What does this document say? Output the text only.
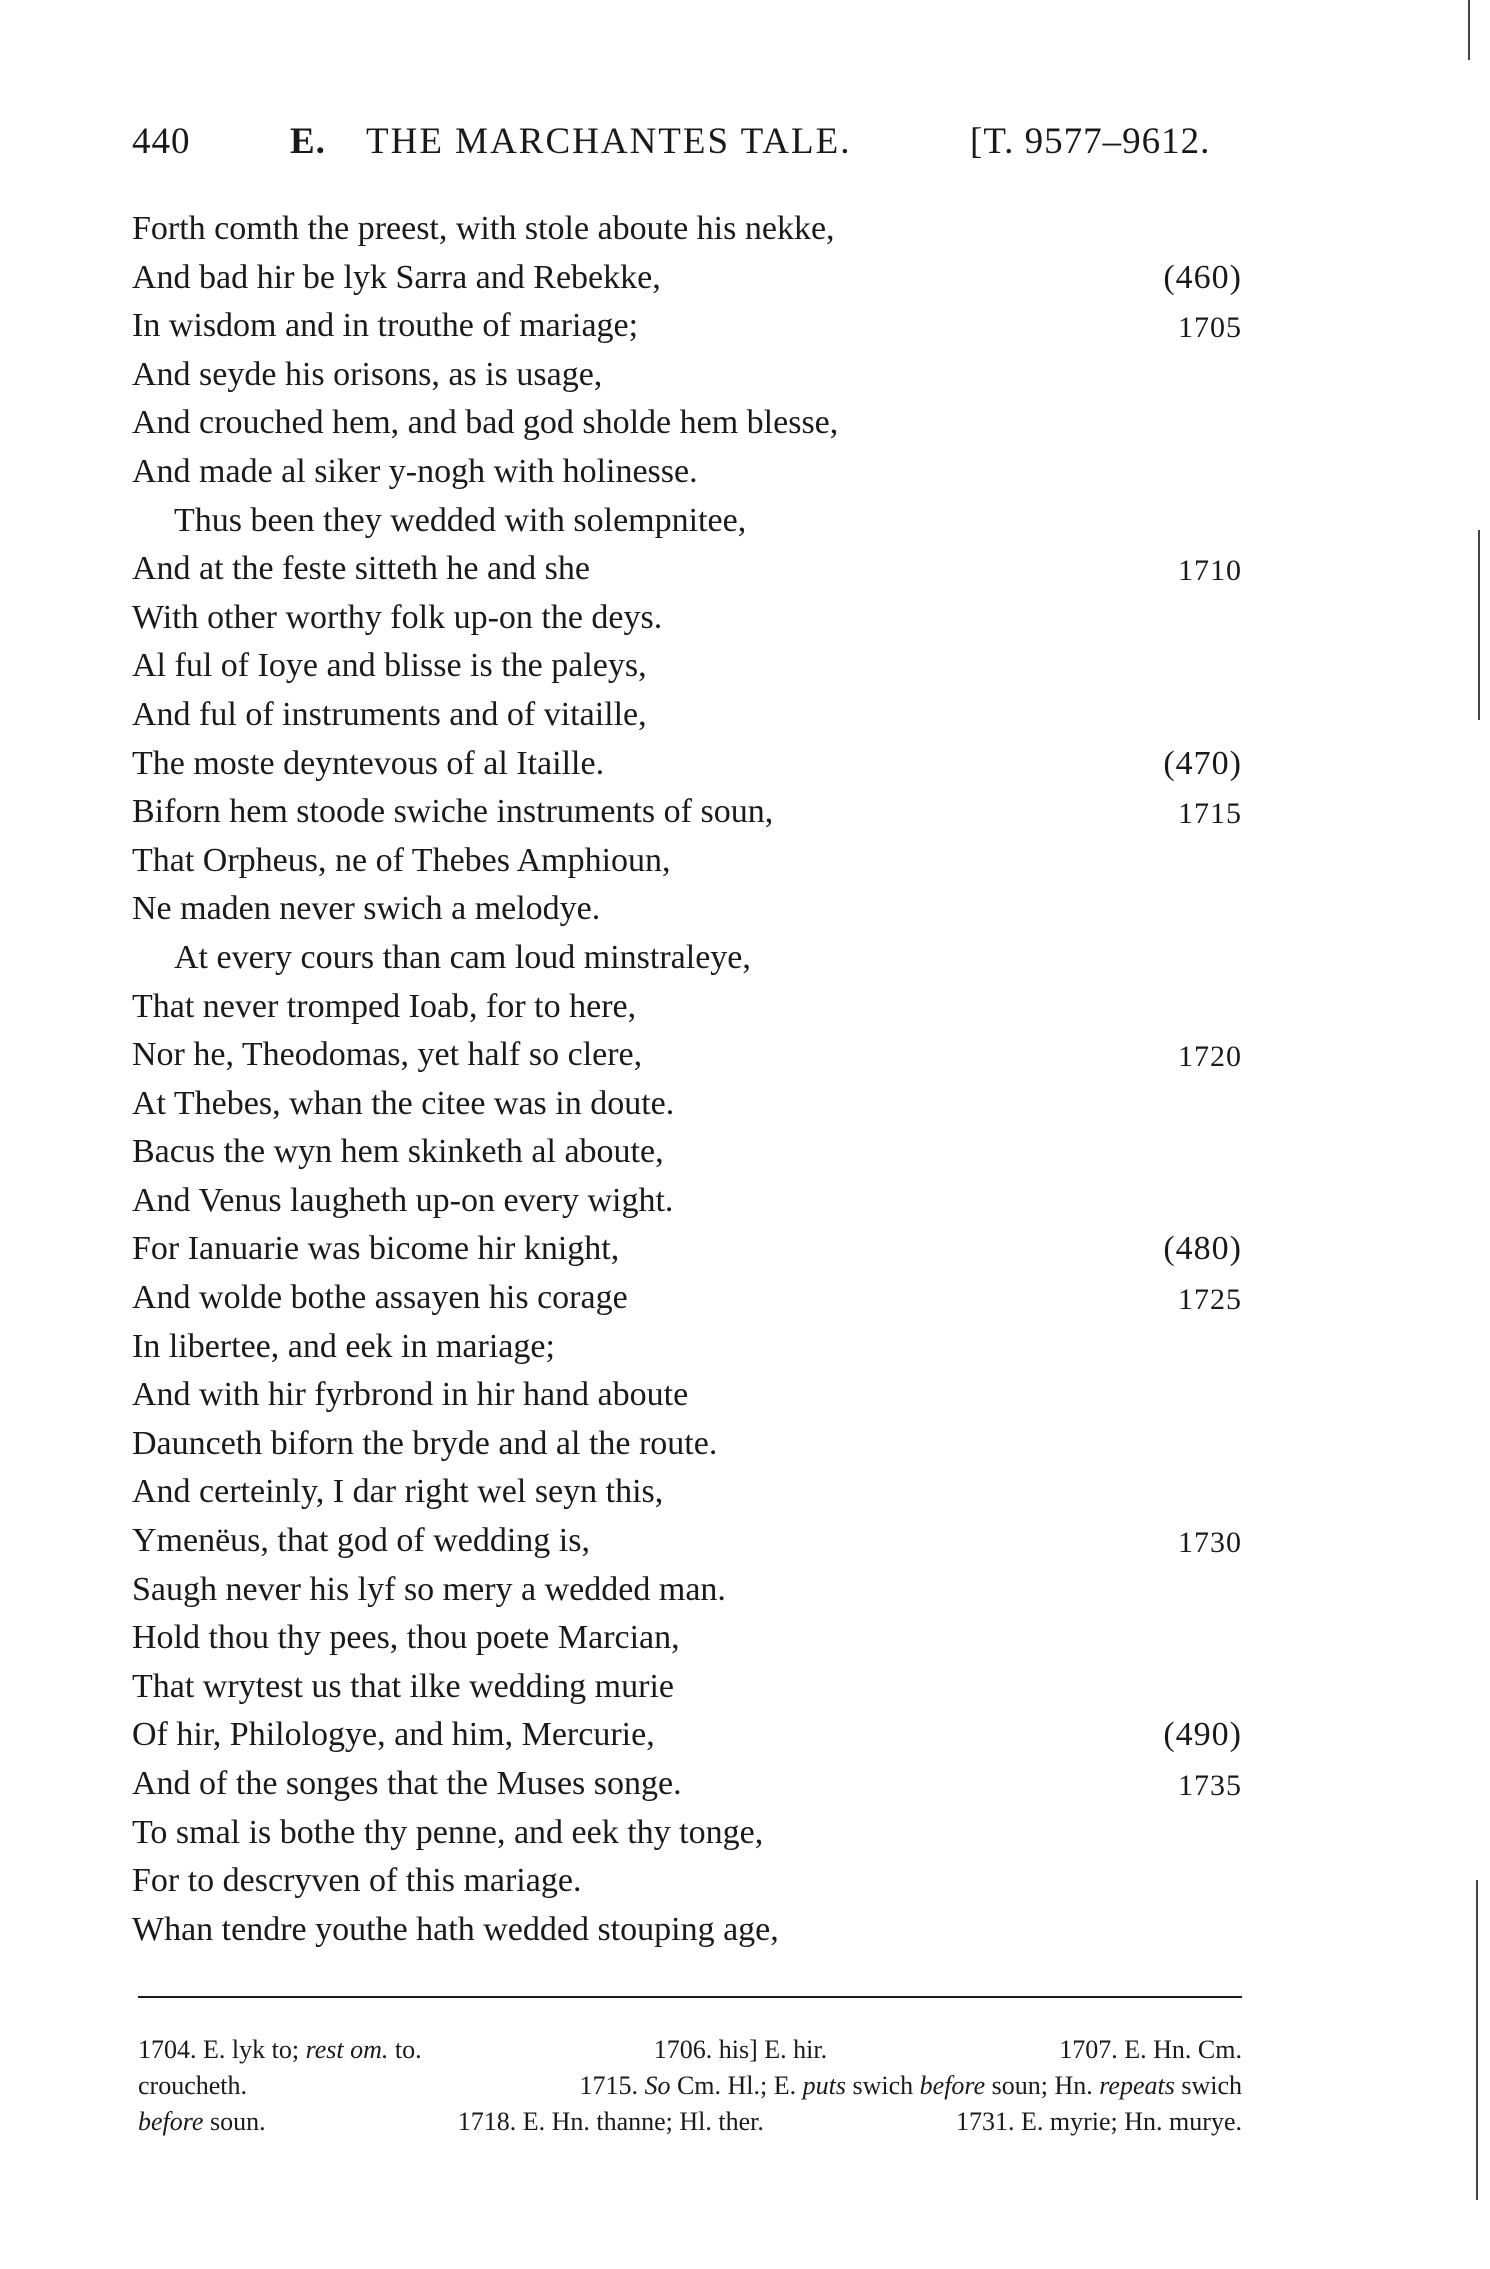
440	E. THE MARCHANTES TALE.	[T. 9577–9612.
Forth comth the preest, with stole aboute his nekke,
And bad hir be lyk Sarra and Rebekke,	(460)
In wisdom and in trouthe of mariage;	1705
And seyde his orisons, as is usage,
And crouched hem, and bad god sholde hem blesse,
And made al siker y-nogh with holinesse.
Thus been they wedded with solempnitee,
And at the feste sitteth he and she	1710
With other worthy folk up-on the deys.
Al ful of Ioye and blisse is the paleys,
And ful of instruments and of vitaille,
The moste deyntevous of al Itaille.	(470)
Biforn hem stoode swiche instruments of soun,	1715
That Orpheus, ne of Thebes Amphioun,
Ne maden never swich a melodye.
At every cours than cam loud minstraleye,
That never tromped Ioab, for to here,
Nor he, Theodomas, yet half so clere,	1720
At Thebes, whan the citee was in doute.
Bacus the wyn hem skinketh al aboute,
And Venus laugheth up-on every wight.
For Ianuarie was bicome hir knight,	(480)
And wolde bothe assayen his corage	1725
In libertee, and eek in mariage;
And with hir fyrbrond in hir hand aboute
Daunceth biforn the bryde and al the route.
And certeinly, I dar right wel seyn this,
Ymenëus, that god of wedding is,	1730
Saugh never his lyf so mery a wedded man.
Hold thou thy pees, thou poete Marcian,
That wrytest us that ilke wedding murie
Of hir, Philologye, and him, Mercurie,	(490)
And of the songes that the Muses songe.	1735
To smal is bothe thy penne, and eek thy tonge,
For to descryven of this mariage.
Whan tendre youthe hath wedded stouping age,
1704. E. lyk to; rest om. to.	1706. his] E. hir.	1707. E. Hn. Cm.
croucheth.	1715. So Cm. Hl.; E. puts swich before soun; Hn. repeats swich
before soun.	1718. E. Hn. thanne; Hl. ther.	1731. E. myrie; Hn. murye.
